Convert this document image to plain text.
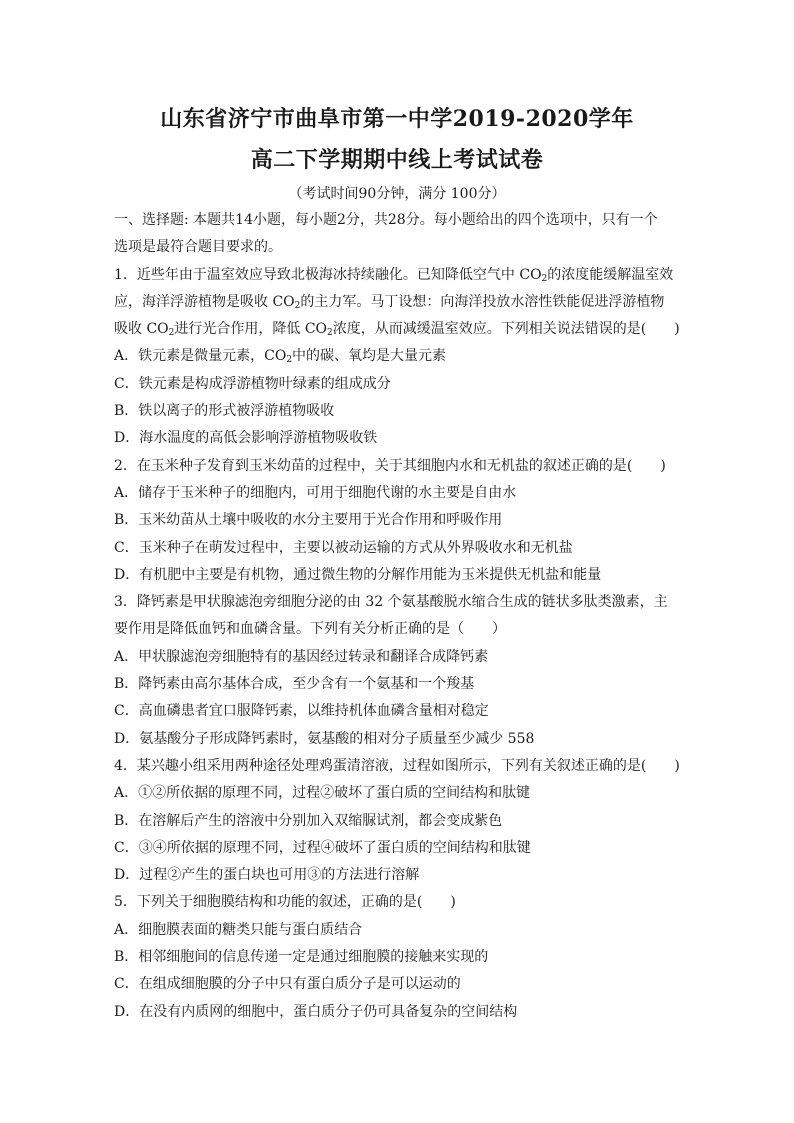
山东省济宁市曲阜市第一中学2019-2020学年
高二下学期期中线上考试试卷
（考试时间90分钟，满分 100分）
一、选择题: 本题共14小题，每小题2分，共28分。每小题给出的四个选项中，只有一个
选项是最符合题目要求的。
1．近些年由于温室效应导致北极海冰持续融化。已知降低空气中 $CO_2$的浓度能缓解温室效
应，海洋浮游植物是吸收 $CO_2$的主力军。马丁设想：向海洋投放水溶性铁能促进浮游植物
吸收 $CO_2$进行光合作用，降低 $CO_2$浓度，从而减缓温室效应。下列相关说法错误的是(　　)
A．铁元素是微量元素，$CO_2$中的碳、氧均是大量元素
C．铁元素是构成浮游植物叶绿素的组成成分
B．铁以离子的形式被浮游植物吸收
D．海水温度的高低会影响浮游植物吸收铁
2．在玉米种子发育到玉米幼苗的过程中，关于其细胞内水和无机盐的叙述正确的是(　　)
A．储存于玉米种子的细胞内，可用于细胞代谢的水主要是自由水
B．玉米幼苗从土壤中吸收的水分主要用于光合作用和呼吸作用
C．玉米种子在萌发过程中，主要以被动运输的方式从外界吸收水和无机盐
D．有机肥中主要是有机物，通过微生物的分解作用能为玉米提供无机盐和能量
3．降钙素是甲状腺滤泡旁细胞分泌的由 32 个氨基酸脱水缩合生成的链状多肽类激素，主
要作用是降低血钙和血磷含量。下列有关分析正确的是（　　）
A．甲状腺滤泡旁细胞特有的基因经过转录和翻译合成降钙素
B．降钙素由高尔基体合成，至少含有一个氨基和一个羧基
C．高血磷患者宜口服降钙素，以维持机体血磷含量相对稳定
D．氨基酸分子形成降钙素时，氨基酸的相对分子质量至少减少 558
4．某兴趣小组采用两种途径处理鸡蛋清溶液，过程如图所示，下列有关叙述正确的是(　　)
A．①②所依据的原理不同，过程②破坏了蛋白质的空间结构和肽键
B．在溶解后产生的溶液中分别加入双缩脲试剂，都会变成紫色
C．③④所依据的原理不同，过程④破坏了蛋白质的空间结构和肽键
D．过程②产生的蛋白块也可用③的方法进行溶解
5．下列关于细胞膜结构和功能的叙述，正确的是(　　)
A．细胞膜表面的糖类只能与蛋白质结合
B．相邻细胞间的信息传递一定是通过细胞膜的接触来实现的
C．在组成细胞膜的分子中只有蛋白质分子是可以运动的
D．在没有内质网的细胞中，蛋白质分子仍可具备复杂的空间结构
